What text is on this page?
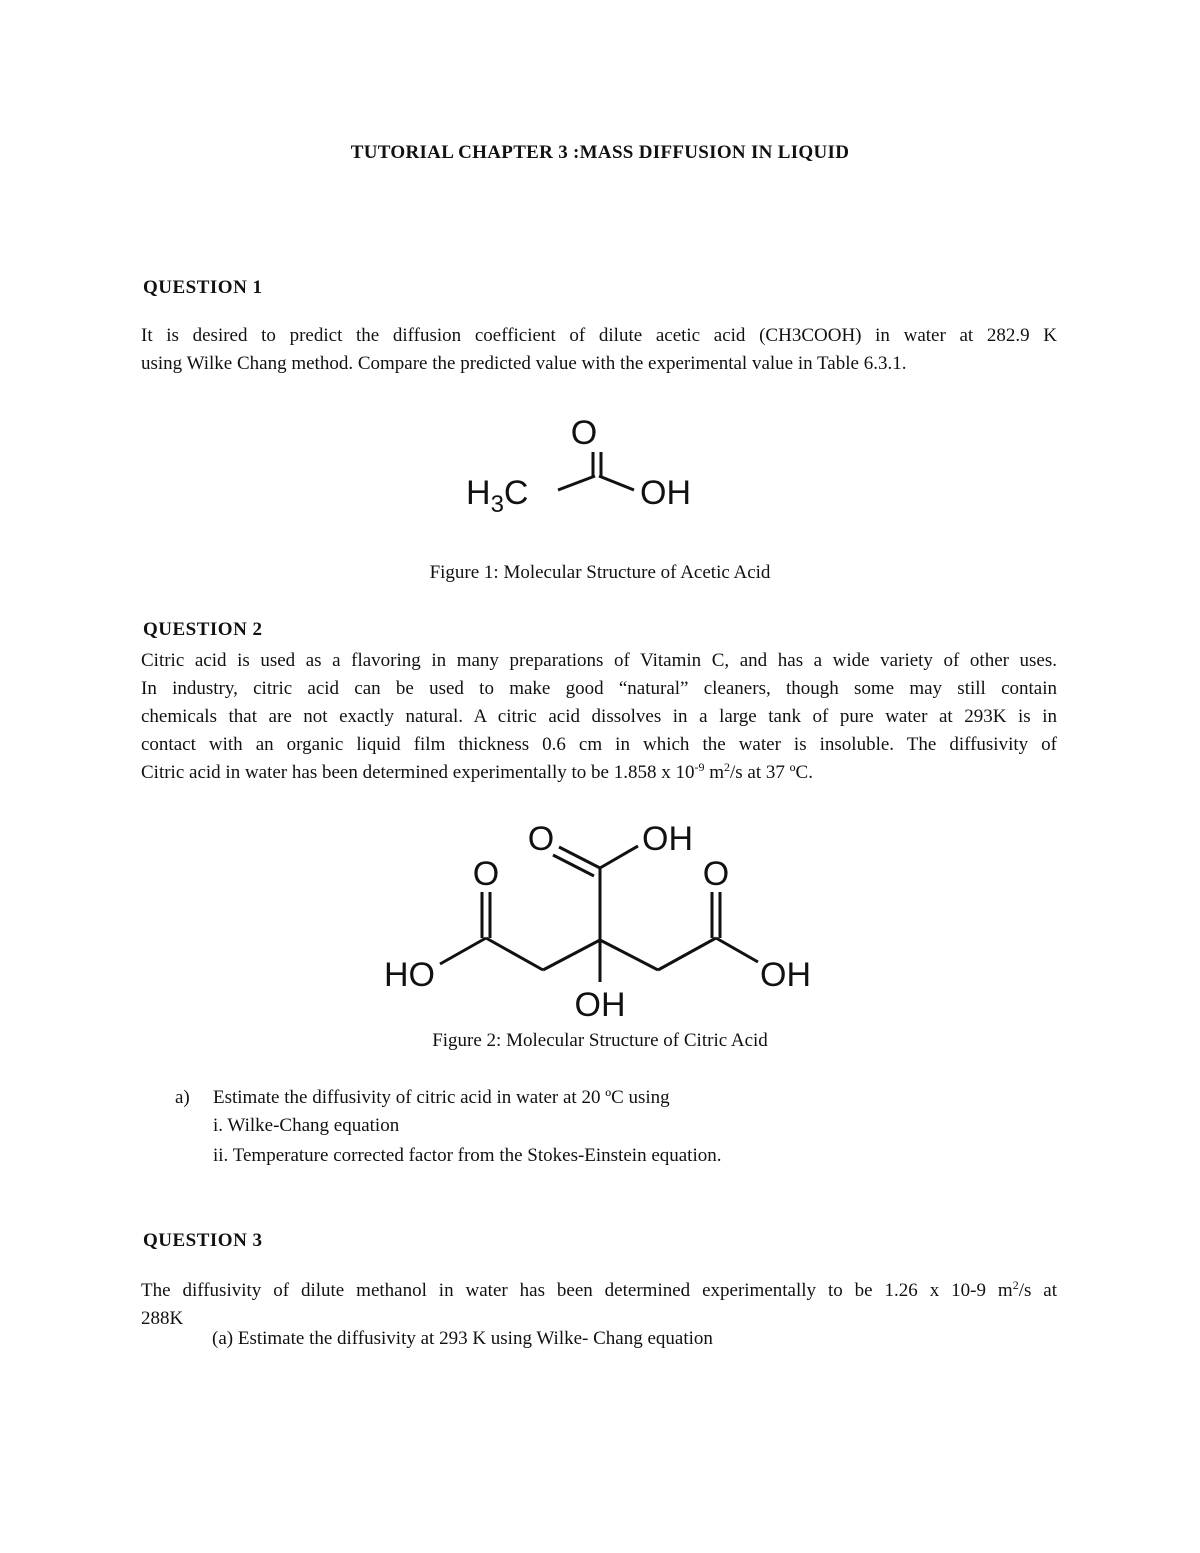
TUTORIAL CHAPTER 3 :MASS DIFFUSION IN LIQUID
QUESTION 1
It is desired to predict the diffusion coefficient of dilute acetic acid (CH3COOH) in water at 282.9 K
using Wilke Chang method. Compare the predicted value with the experimental value in Table 6.3.1.
O
$H_3C$	OH
Figure 1: Molecular Structure of Acetic Acid
QUESTION 2
Citric acid is used as a flavoring in many preparations of Vitamin C, and has a wide variety of other uses.
In industry, citric acid can be used to make good “natural” cleaners, though some may still contain
chemicals that are not exactly natural. A citric acid dissolves in a large tank of pure water at 293K is in
contact with an organic liquid film thickness 0.6 cm in which the water is insoluble. The diffusivity of
Citric acid in water has been determined experimentally to be 1.858 x $10^{-9}$ $m^2/s$ at 37 ºC.
O	OH
O
HO
O
OH
OH
Figure 2: Molecular Structure of Citric Acid
a) Estimate the diffusivity of citric acid in water at 20 ºC using
i. Wilke-Chang equation
ii. Temperature corrected factor from the Stokes-Einstein equation.
QUESTION 3
The diffusivity of dilute methanol in water has been determined experimentally to be 1.26 x 10-9 $m^2/s$ at
288K
(a) Estimate the diffusivity at 293 K using Wilke- Chang equation
